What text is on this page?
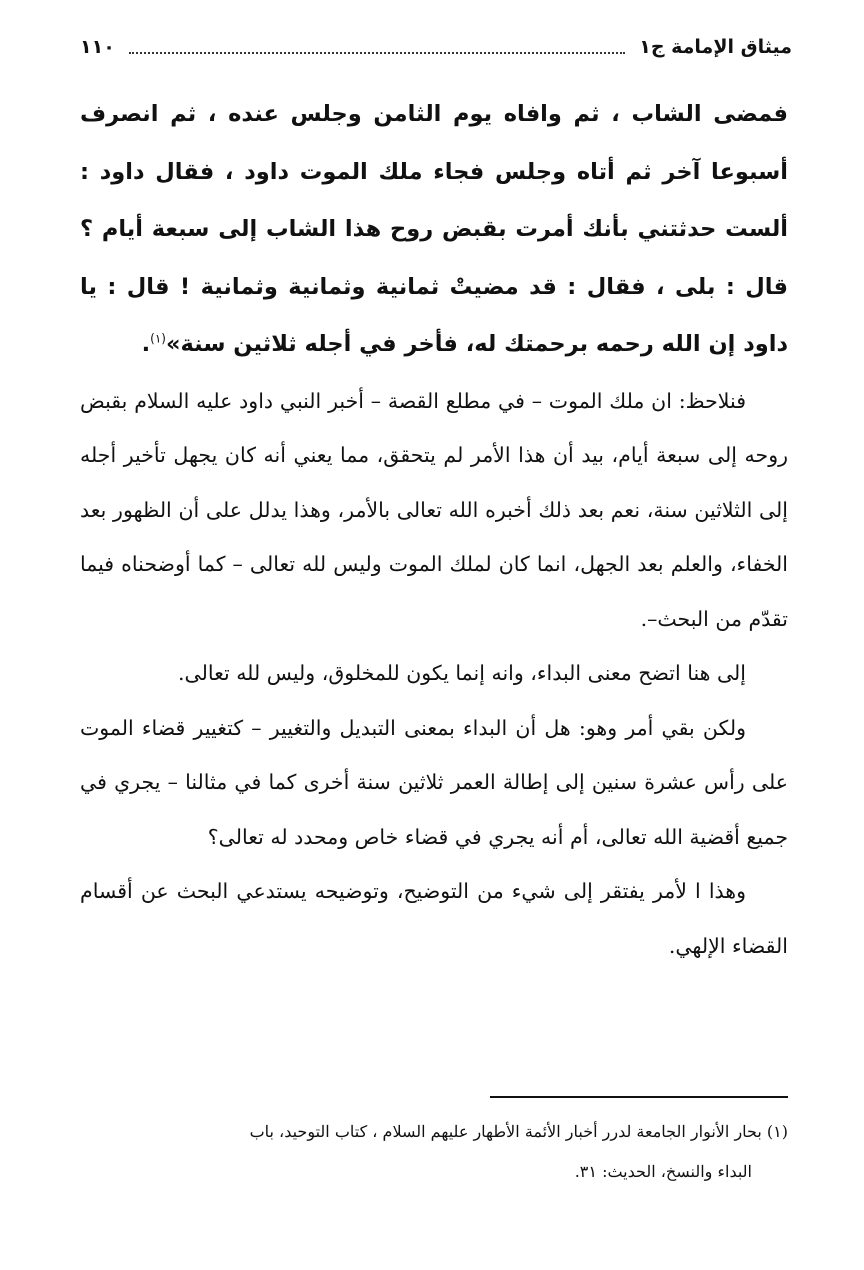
ميثاق الإمامة ج١
١١٠

فمضى الشاب ، ثم وافاه يوم الثامن وجلس عنده ، ثم انصرف أسبوعا آخر ثم أتاه وجلس فجاء ملك الموت داود ، فقال داود : ألست حدثتني بأنك أمرت بقبض روح هذا الشاب إلى سبعة أيام ؟ قال : بلى ، فقال : قد مضيتْ ثمانية وثمانية وثمانية ! قال : يا داود إن الله رحمه برحمتك له، فأخر في أجله ثلاثين سنة»$^{(١)}$.

فنلاحظ: ان ملك الموت – في مطلع القصة – أخبر النبي داود عليه السلام بقبض روحه إلى سبعة أيام، بيد أن هذا الأمر لم يتحقق، مما يعني أنه كان يجهل تأخير أجله إلى الثلاثين سنة، نعم بعد ذلك أخبره الله تعالى بالأمر، وهذا يدلل على أن الظهور بعد الخفاء، والعلم بعد الجهل، انما كان لملك الموت وليس لله تعالى – كما أوضحناه فيما تقدّم من البحث–.

إلى هنا اتضح معنى البداء، وانه إنما يكون للمخلوق، وليس لله تعالى.

ولكن بقي أمر وهو: هل أن البداء بمعنى التبديل والتغيير – كتغيير قضاء الموت على رأس عشرة سنين إلى إطالة العمر ثلاثين سنة أخرى كما في مثالنا – يجري في جميع أقضية الله تعالى، أم أنه يجري في قضاء خاص ومحدد له تعالى؟

وهذا ا لأمر يفتقر إلى شيء من التوضيح، وتوضيحه يستدعي البحث عن أقسام القضاء الإلهي.

(١) بحار الأنوار الجامعة لدرر أخبار الأئمة الأطهار عليهم السلام ، كتاب التوحيد، باب
البداء والنسخ، الحديث: ٣١.
